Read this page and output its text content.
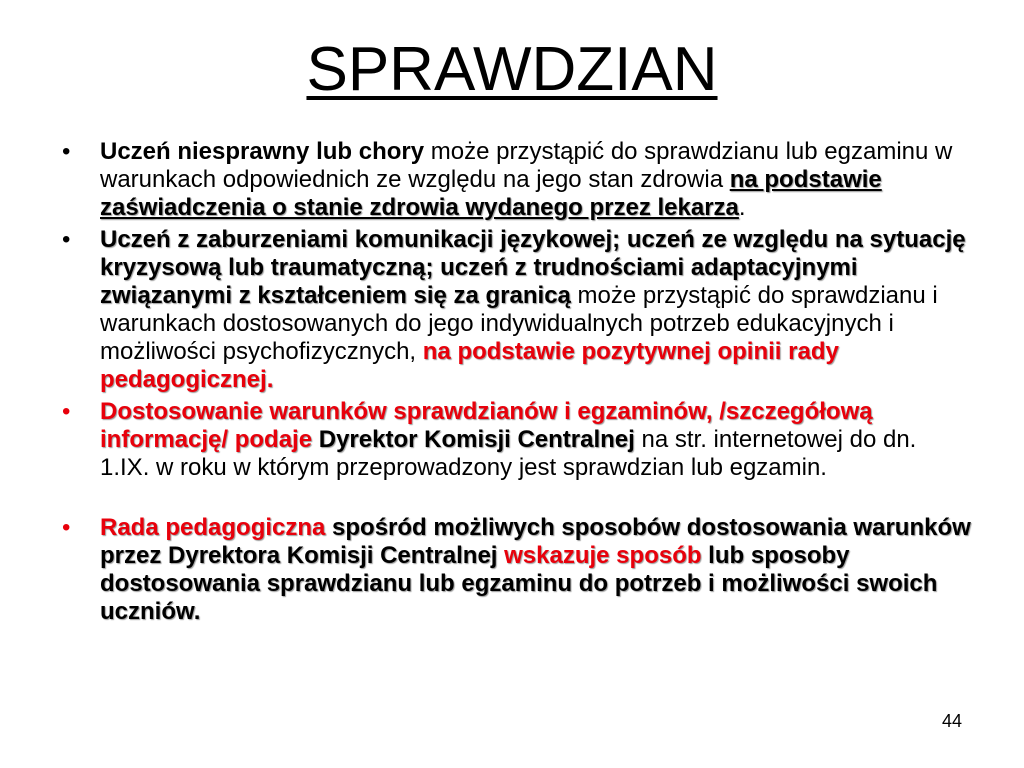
SPRAWDZIAN
• Uczeń niesprawny lub chory może przystąpić do sprawdzianu lub egzaminu w warunkach odpowiednich ze względu na jego stan zdrowia na podstawie zaświadczenia o stanie zdrowia wydanego przez lekarza.
• Uczeń z zaburzeniami komunikacji językowej; uczeń ze względu na sytuację kryzysową lub traumatyczną; uczeń z trudnościami adaptacyjnymi związanymi z kształceniem się za granicą może przystąpić do sprawdzianu i warunkach dostosowanych do jego indywidualnych potrzeb edukacyjnych i możliwości psychofizycznych, na podstawie pozytywnej opinii rady pedagogicznej.
• Dostosowanie warunków sprawdzianów i egzaminów, /szczegółową informację/ podaje Dyrektor Komisji Centralnej na str. internetowej do dn. 1.IX. w roku w którym przeprowadzony jest sprawdzian lub egzamin.
• Rada pedagogiczna spośród możliwych sposobów dostosowania warunków przez Dyrektora Komisji Centralnej wskazuje sposób lub sposoby dostosowania sprawdzianu lub egzaminu do potrzeb i możliwości swoich uczniów.
44
